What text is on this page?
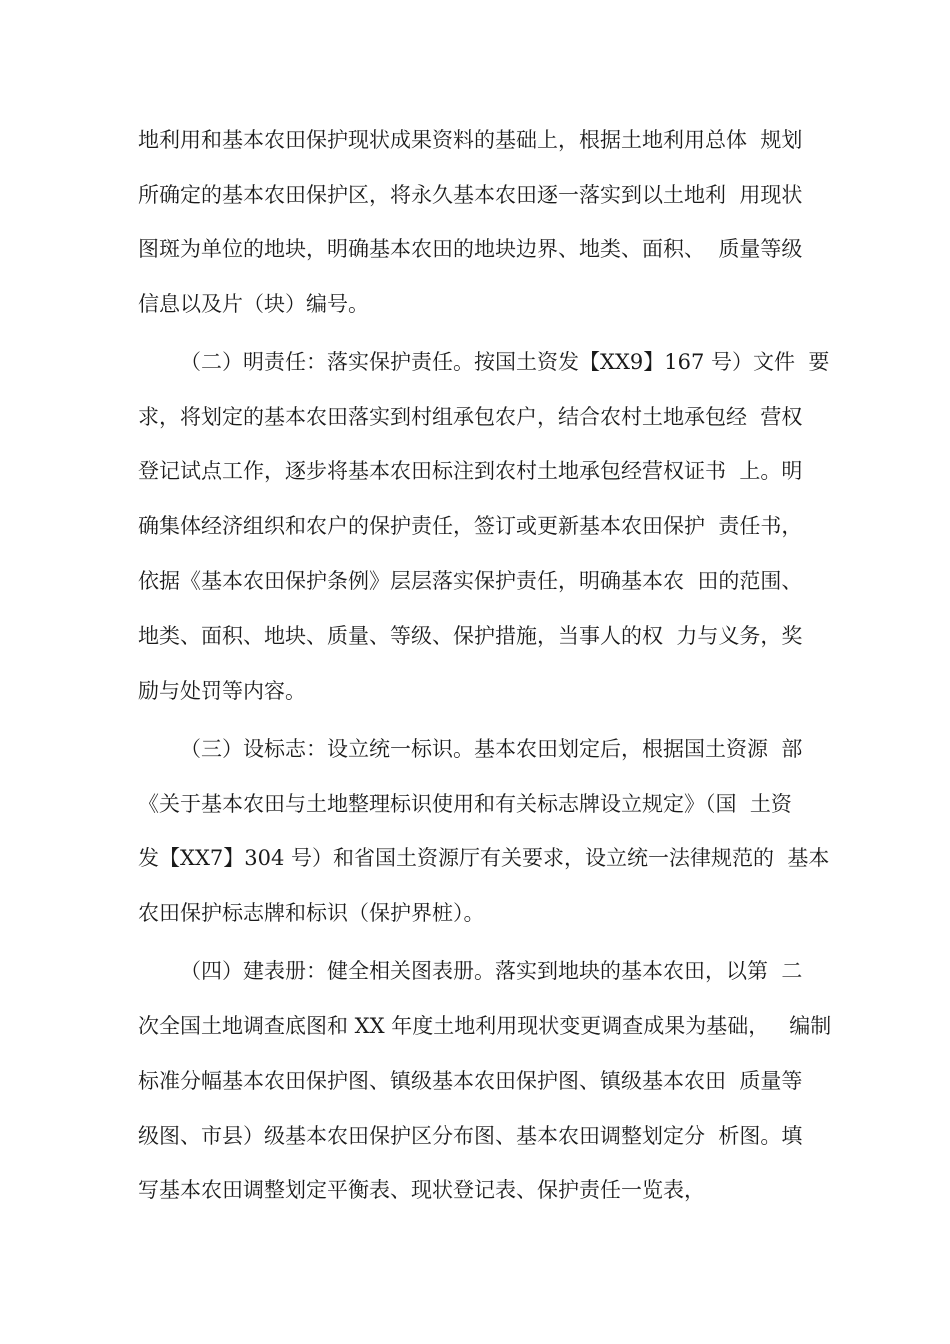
地利用和基本农田保护现状成果资料的基础上，根据土地利用总体  规划
所确定的基本农田保护区，将永久基本农田逐一落实到以土地利  用现状
图斑为单位的地块，明确基本农田的地块边界、地类、面积、  质量等级
信息以及片（块）编号。
（二）明责任：落实保护责任。按国土资发【XX9】167 号）文件  要
求，将划定的基本农田落实到村组承包农户，结合农村土地承包经  营权
登记试点工作，逐步将基本农田标注到农村土地承包经营权证书  上。明
确集体经济组织和农户的保护责任，签订或更新基本农田保护  责任书，
依据《基本农田保护条例》层层落实保护责任，明确基本农  田的范围、
地类、面积、地块、质量、等级、保护措施，当事人的权  力与义务，奖
励与处罚等内容。
（三）设标志：设立统一标识。基本农田划定后，根据国土资源  部
《关于基本农田与土地整理标识使用和有关标志牌设立规定》（国  土资
发【XX7】304 号）和省国土资源厅有关要求，设立统一法律规范的  基本
农田保护标志牌和标识（保护界桩）。
（四）建表册：健全相关图表册。落实到地块的基本农田，以第  二
次全国土地调查底图和 XX 年度土地利用现状变更调查成果为基础，   编制
标准分幅基本农田保护图、镇级基本农田保护图、镇级基本农田  质量等
级图、市县）级基本农田保护区分布图、基本农田调整划定分  析图。填
写基本农田调整划定平衡表、现状登记表、保护责任一览表，
